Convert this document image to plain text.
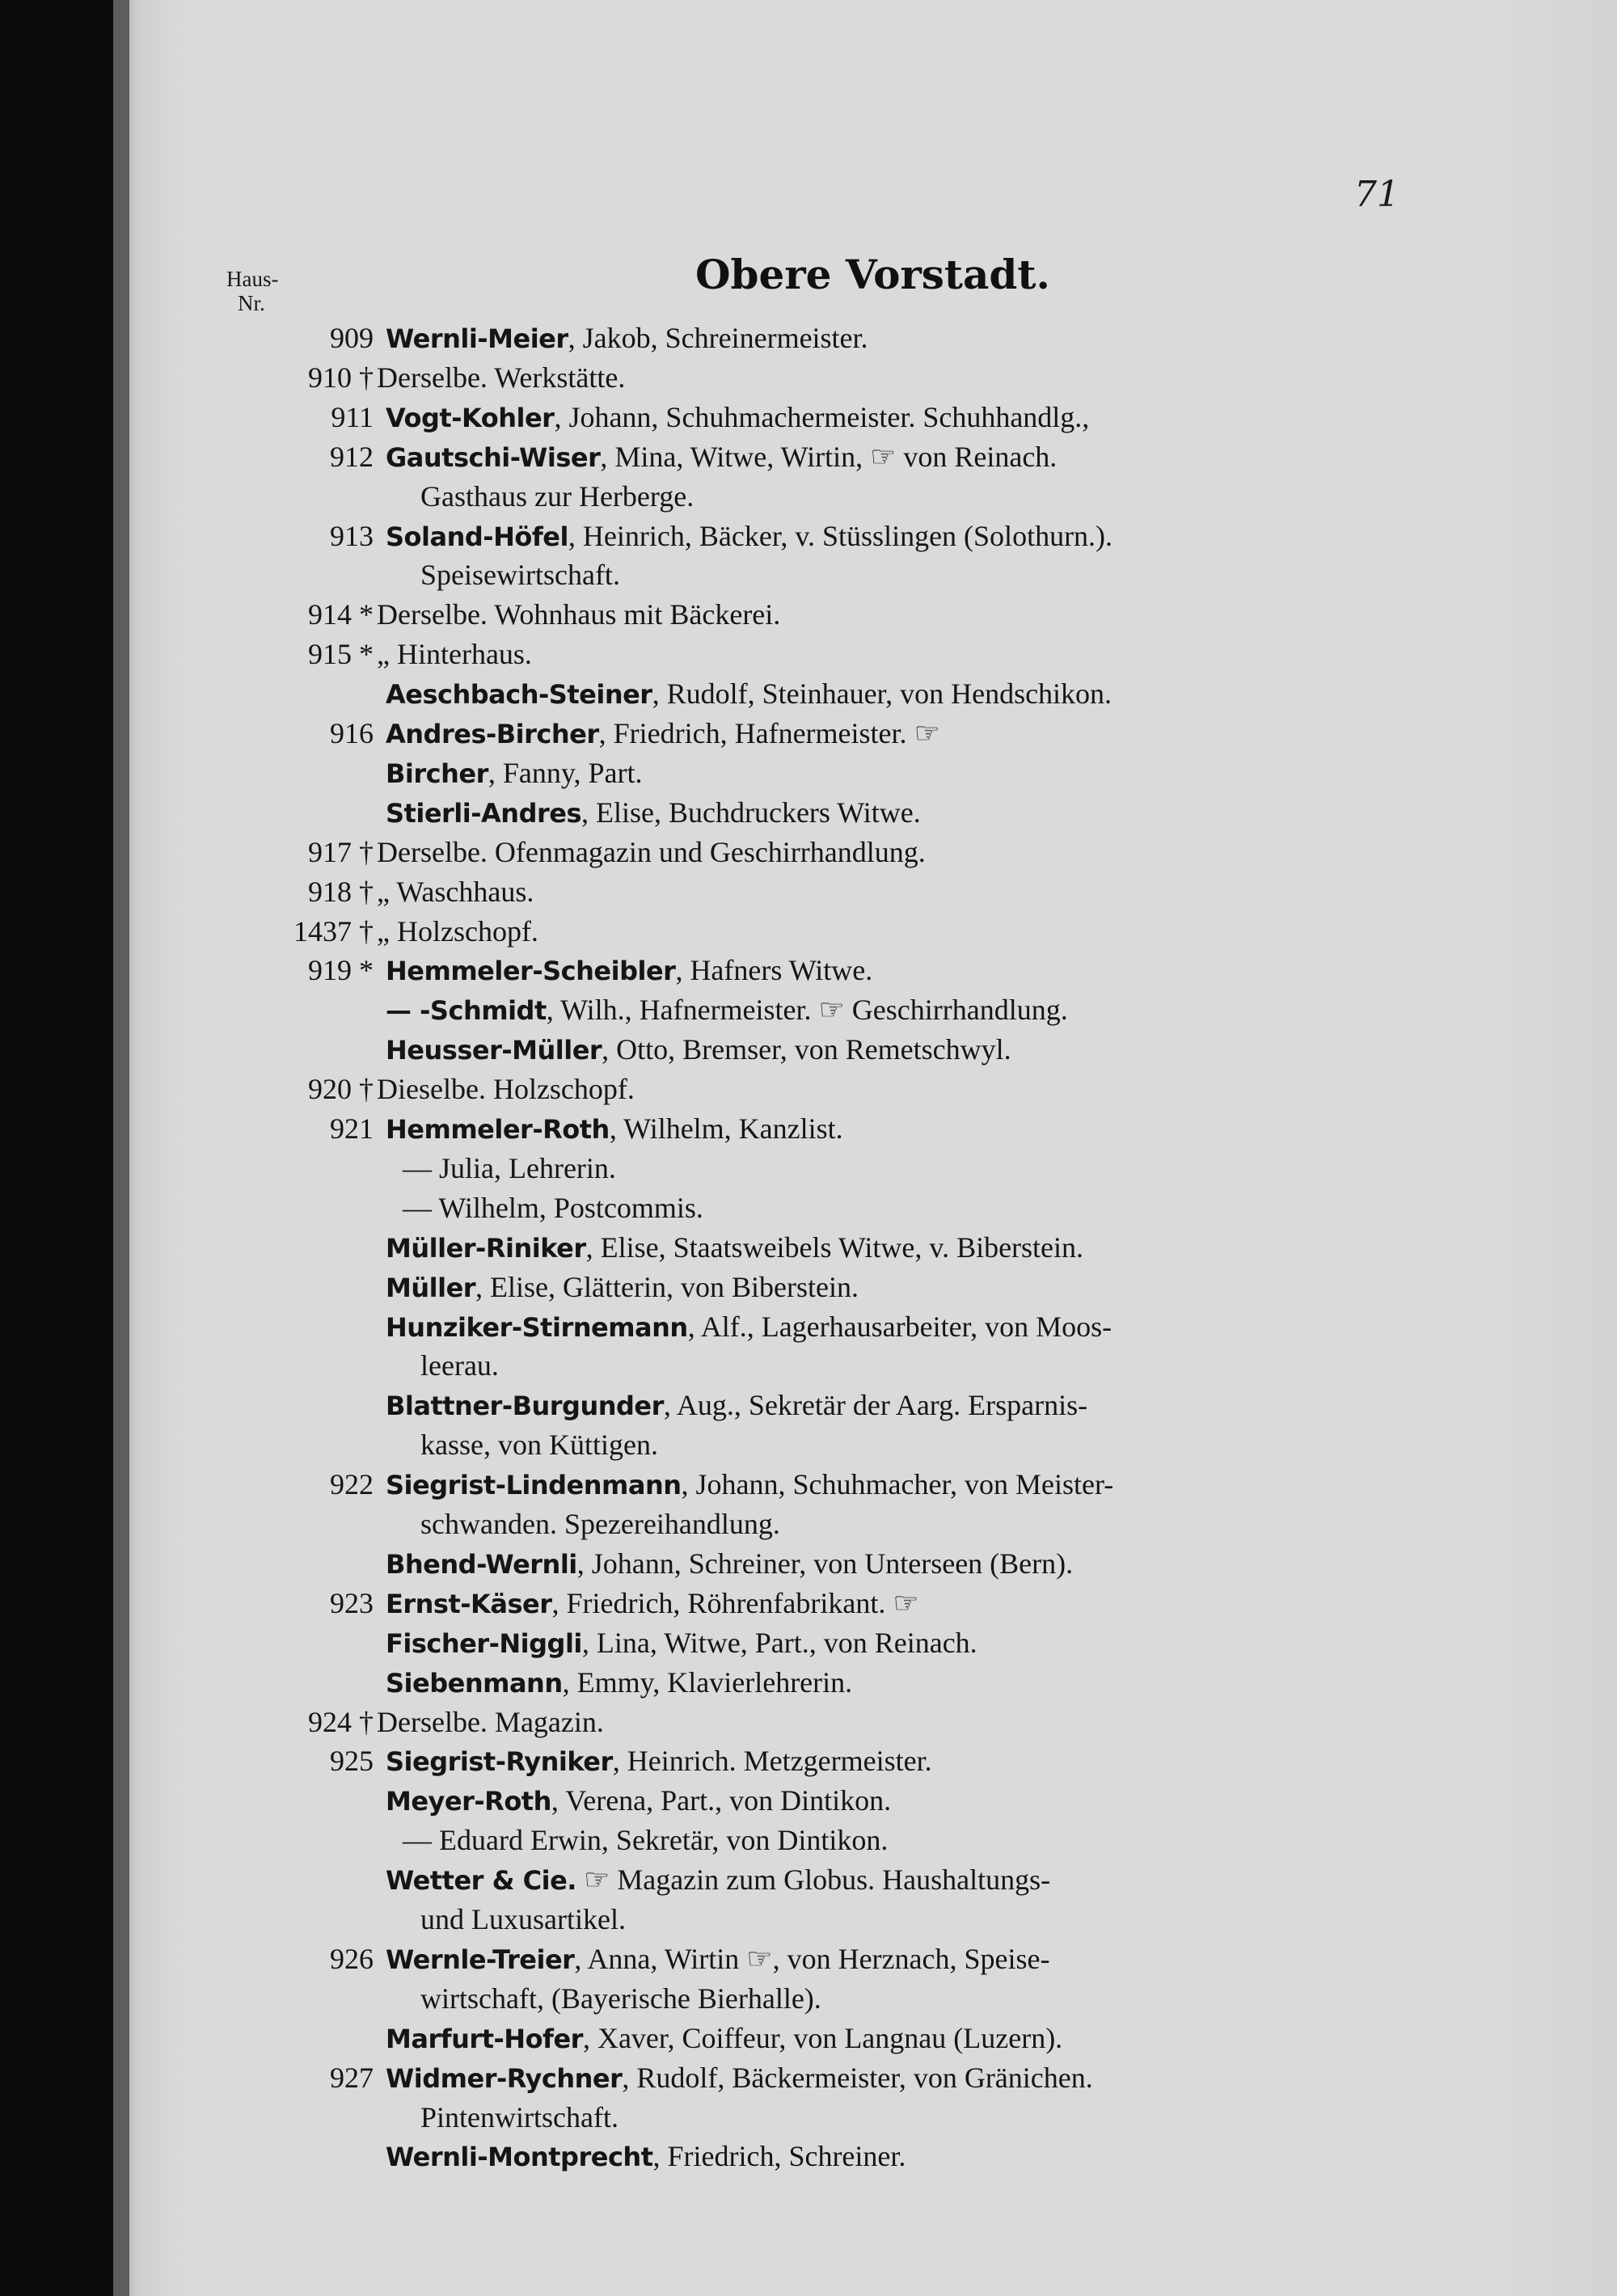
71
Haus-
Nr.
Obere Vorstadt.
909 Wernli-Meier, Jakob, Schreinermeister.
910 † Derselbe. Werkstätte.
911 Vogt-Kohler, Johann, Schuhmachermeister. Schuhhandlg.,
912 Gautschi-Wiser, Mina, Witwe, Wirtin, ☞ von Reinach.
Gasthaus zur Herberge.
913 Soland-Höfel, Heinrich, Bäcker, v. Stüsslingen (Solothurn.).
Speisewirtschaft.
914 * Derselbe. Wohnhaus mit Bäckerei.
915 * „ Hinterhaus.
Aeschbach-Steiner, Rudolf, Steinhauer, von Hendschikon.
916 Andres-Bircher, Friedrich, Hafnermeister. ☞
Bircher, Fanny, Part.
Stierli-Andres, Elise, Buchdruckers Witwe.
917 † Derselbe. Ofenmagazin und Geschirrhandlung.
918 † „ Waschhaus.
1437 † „ Holzschopf.
919 * Hemmeler-Scheibler, Hafners Witwe.
— -Schmidt, Wilh., Hafnermeister. ☞ Geschirrhandlung.
Heusser-Müller, Otto, Bremser, von Remetschwyl.
920 † Dieselbe. Holzschopf.
921 Hemmeler-Roth, Wilhelm, Kanzlist.
— Julia, Lehrerin.
— Wilhelm, Postcommis.
Müller-Riniker, Elise, Staatsweibels Witwe, v. Biberstein.
Müller, Elise, Glätterin, von Biberstein.
Hunziker-Stirnemann, Alf., Lagerhausarbeiter, von Moos-
leerau.
Blattner-Burgunder, Aug., Sekretär der Aarg. Ersparnis-
kasse, von Küttigen.
922 Siegrist-Lindenmann, Johann, Schuhmacher, von Meister-
schwanden. Spezereihandlung.
Bhend-Wernli, Johann, Schreiner, von Unterseen (Bern).
923 Ernst-Käser, Friedrich, Röhrenfabrikant. ☞
Fischer-Niggli, Lina, Witwe, Part., von Reinach.
Siebenmann, Emmy, Klavierlehrerin.
924 † Derselbe. Magazin.
925 Siegrist-Ryniker, Heinrich. Metzgermeister.
Meyer-Roth, Verena, Part., von Dintikon.
— Eduard Erwin, Sekretär, von Dintikon.
Wetter & Cie. ☞ Magazin zum Globus. Haushaltungs-
und Luxusartikel.
926 Wernle-Treier, Anna, Wirtin ☞, von Herznach, Speise-
wirtschaft, (Bayerische Bierhalle).
Marfurt-Hofer, Xaver, Coiffeur, von Langnau (Luzern).
927 Widmer-Rychner, Rudolf, Bäckermeister, von Gränichen.
Pintenwirtschaft.
Wernli-Montprecht, Friedrich, Schreiner.
